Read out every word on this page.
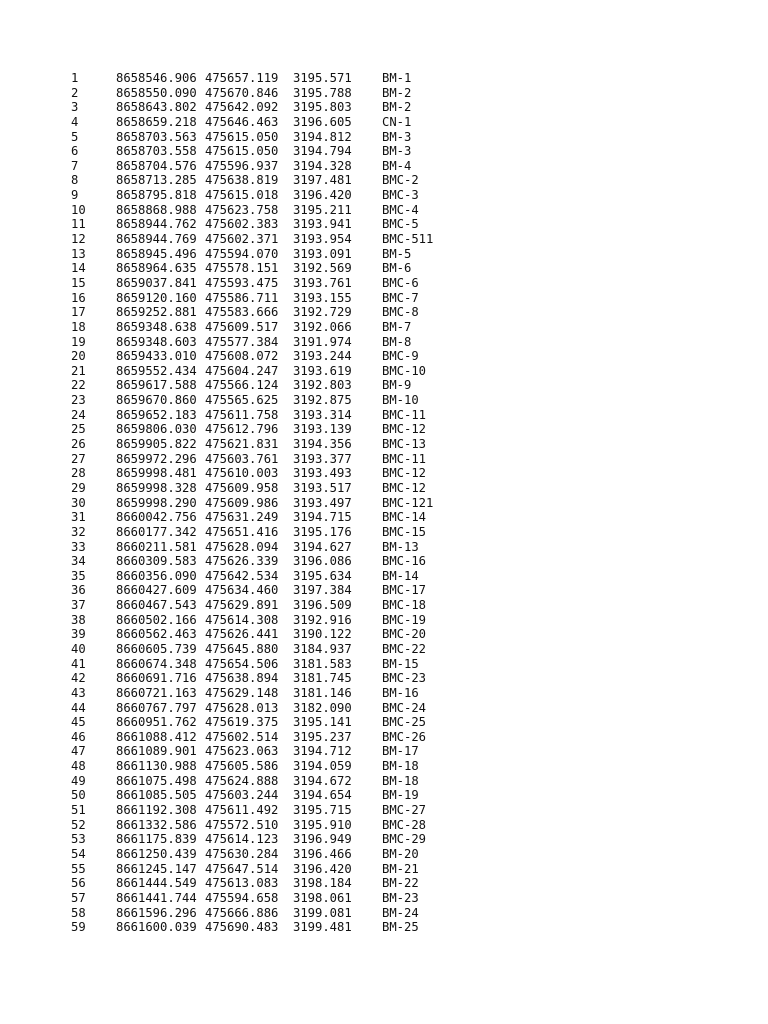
1	8658546.906 475657.119 3195.571 BM-1
2	8658550.090 475670.846 3195.788 BM-2
3	8658643.802 475642.092 3195.803 BM-2
4	8658659.218 475646.463 3196.605 CN-1
5	8658703.563 475615.050 3194.812 BM-3
6	8658703.558 475615.050 3194.794 BM-3
7	8658704.576 475596.937 3194.328 BM-4
8	8658713.285 475638.819 3197.481 BMC-2
9	8658795.818 475615.018 3196.420 BMC-3
10 8658868.988 475623.758 3195.211 BMC-4
11 8658944.762 475602.383 3193.941 BMC-5
12 8658944.769 475602.371 3193.954 BMC-511
13 8658945.496 475594.070 3193.091 BM-5
14 8658964.635 475578.151 3192.569 BM-6
15 8659037.841 475593.475 3193.761 BMC-6
16 8659120.160 475586.711 3193.155 BMC-7
17 8659252.881 475583.666 3192.729 BMC-8
18 8659348.638 475609.517 3192.066 BM-7
19 8659348.603 475577.384 3191.974 BM-8
20 8659433.010 475608.072 3193.244 BMC-9
21 8659552.434 475604.247 3193.619 BMC-10
22 8659617.588 475566.124 3192.803 BM-9
23 8659670.860 475565.625 3192.875 BM-10
24 8659652.183 475611.758 3193.314 BMC-11
25 8659806.030 475612.796 3193.139 BMC-12
26 8659905.822 475621.831 3194.356 BMC-13
27 8659972.296 475603.761 3193.377 BMC-11
28 8659998.481 475610.003 3193.493 BMC-12
29 8659998.328 475609.958 3193.517 BMC-12
30 8659998.290 475609.986 3193.497 BMC-121
31 8660042.756 475631.249 3194.715 BMC-14
32 8660177.342 475651.416 3195.176 BMC-15
33 8660211.581 475628.094 3194.627 BM-13
34 8660309.583 475626.339 3196.086 BMC-16
35 8660356.090 475642.534 3195.634 BM-14
36 8660427.609 475634.460 3197.384 BMC-17
37 8660467.543 475629.891 3196.509 BMC-18
38 8660502.166 475614.308 3192.916 BMC-19
39 8660562.463 475626.441 3190.122 BMC-20
40 8660605.739 475645.880 3184.937 BMC-22
41 8660674.348 475654.506 3181.583 BM-15
42 8660691.716 475638.894 3181.745 BMC-23
43 8660721.163 475629.148 3181.146 BM-16
44 8660767.797 475628.013 3182.090 BMC-24
45 8660951.762 475619.375 3195.141 BMC-25
46 8661088.412 475602.514 3195.237 BMC-26
47 8661089.901 475623.063 3194.712 BM-17
48 8661130.988 475605.586 3194.059 BM-18
49 8661075.498 475624.888 3194.672 BM-18
50 8661085.505 475603.244 3194.654 BM-19
51 8661192.308 475611.492 3195.715 BMC-27
52 8661332.586 475572.510 3195.910 BMC-28
53 8661175.839 475614.123 3196.949 BMC-29
54 8661250.439 475630.284 3196.466 BM-20
55 8661245.147 475647.514 3196.420 BM-21
56 8661444.549 475613.083 3198.184 BM-22
57 8661441.744 475594.658 3198.061 BM-23
58 8661596.296 475666.886 3199.081 BM-24
59 8661600.039 475690.483 3199.481 BM-25
